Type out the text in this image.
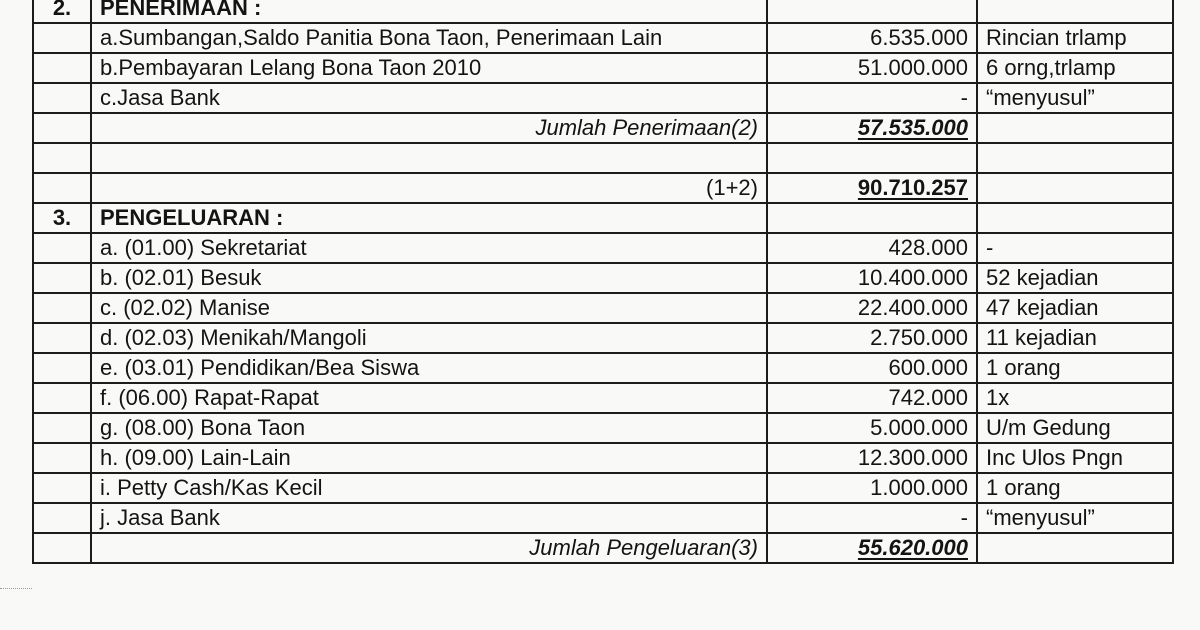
2.	PENERIMAAN :		
	a.Sumbangan,Saldo Panitia Bona Taon, Penerimaan Lain	6.535.000	Rincian trlamp
	b.Pembayaran Lelang Bona Taon 2010	51.000.000	6 orng,trlamp
	c.Jasa Bank	-	“menyusul”
	Jumlah Penerimaan(2)	57.535.000	

	(1+2)	90.710.257	
3.	PENGELUARAN :		
	a. (01.00) Sekretariat	428.000	-
	b. (02.01) Besuk	10.400.000	52 kejadian
	c. (02.02) Manise	22.400.000	47 kejadian
	d. (02.03) Menikah/Mangoli	2.750.000	11 kejadian
	e. (03.01) Pendidikan/Bea Siswa	600.000	1 orang
	f. (06.00) Rapat-Rapat	742.000	1x
	g. (08.00) Bona Taon	5.000.000	U/m Gedung
	h. (09.00) Lain-Lain	12.300.000	Inc Ulos Pngn
	i. Petty Cash/Kas Kecil	1.000.000	1 orang
	j. Jasa Bank	-	“menyusul”
	Jumlah Pengeluaran(3)	55.620.000	
